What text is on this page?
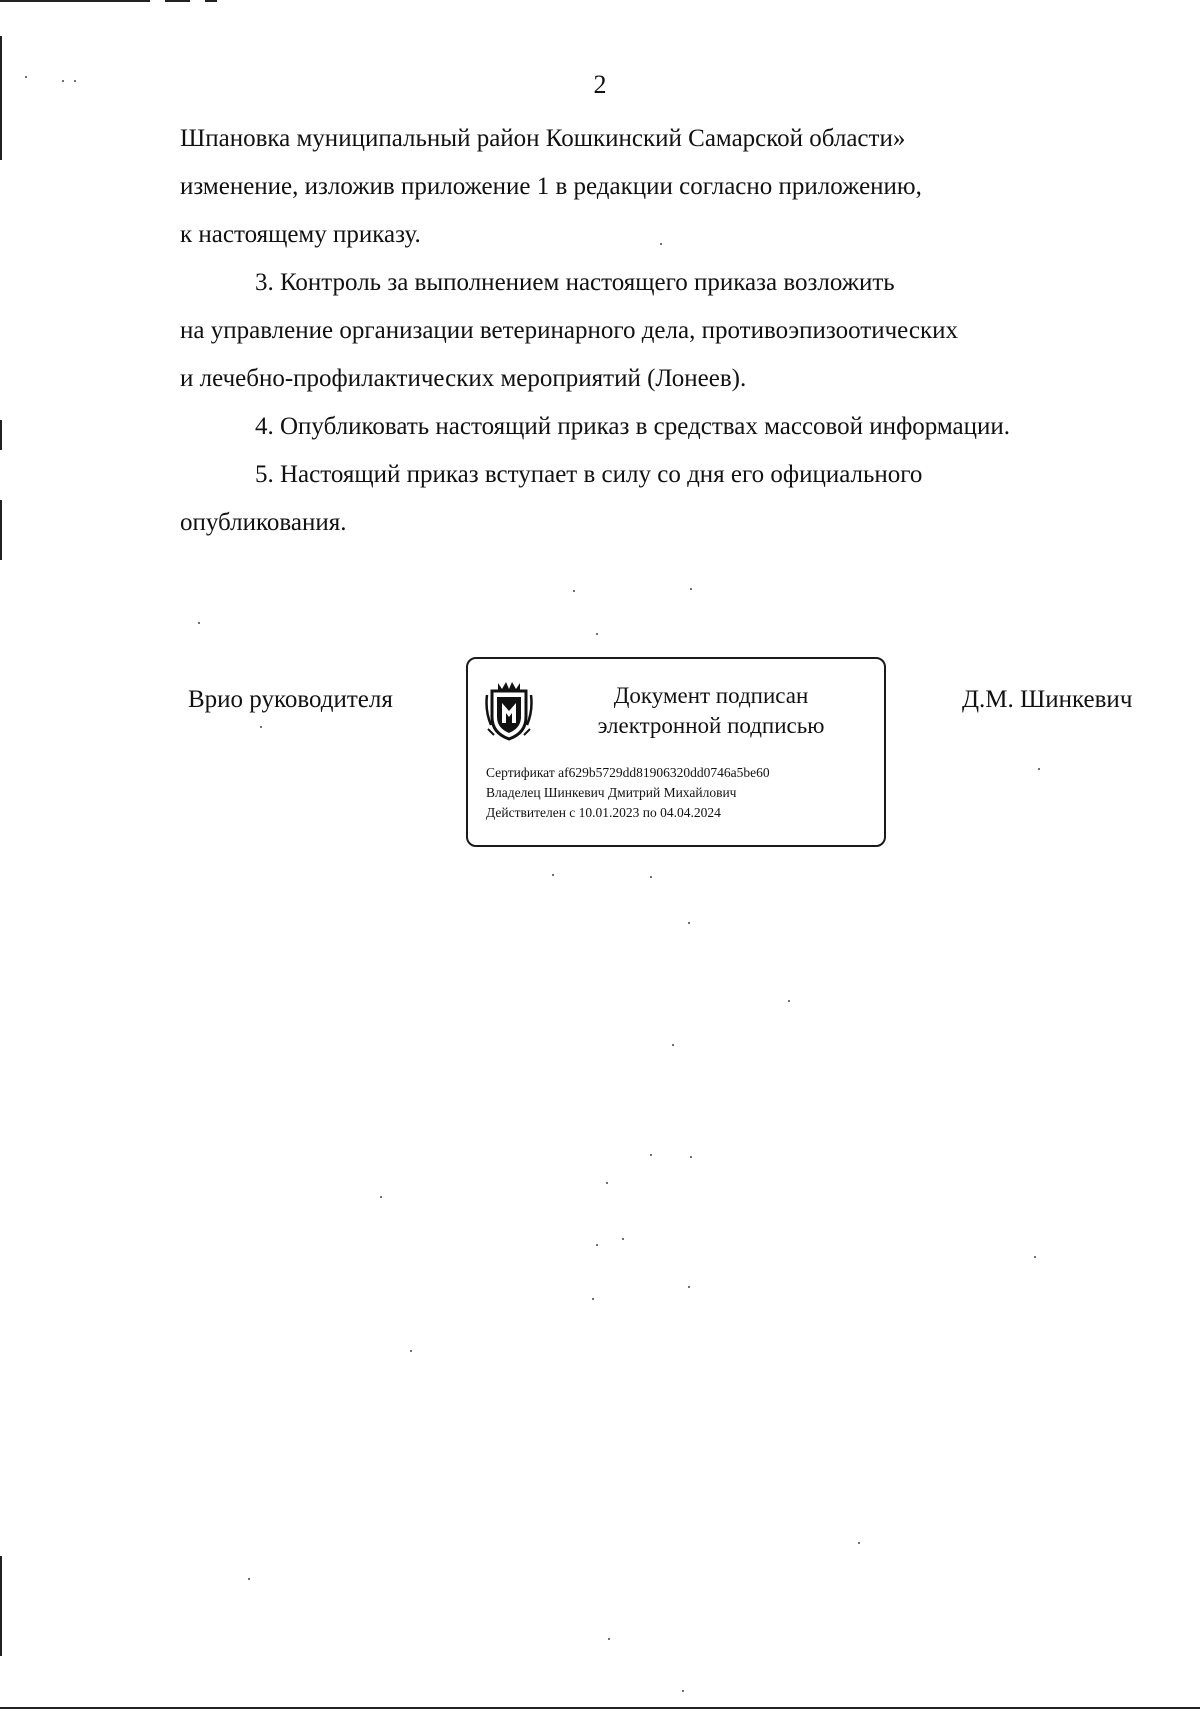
2

Шпановка муниципальный район Кошкинский Самарской области»
изменение, изложив приложение 1 в редакции согласно приложению,
к настоящему приказу.

3. Контроль за выполнением настоящего приказа возложить
на управление организации ветеринарного дела, противоэпизоотических
и лечебно-профилактических мероприятий (Лонеев).

4. Опубликовать настоящий приказ в средствах массовой информации.

5. Настоящий приказ вступает в силу со дня его официального
опубликования.

Врио руководителя	Документ подписан
электронной подписью
Сертификат af629b5729dd81906320dd0746a5be60
Владелец Шинкевич Дмитрий Михайлович
Действителен с 10.01.2023 по 04.04.2024
Д.М. Шинкевич
